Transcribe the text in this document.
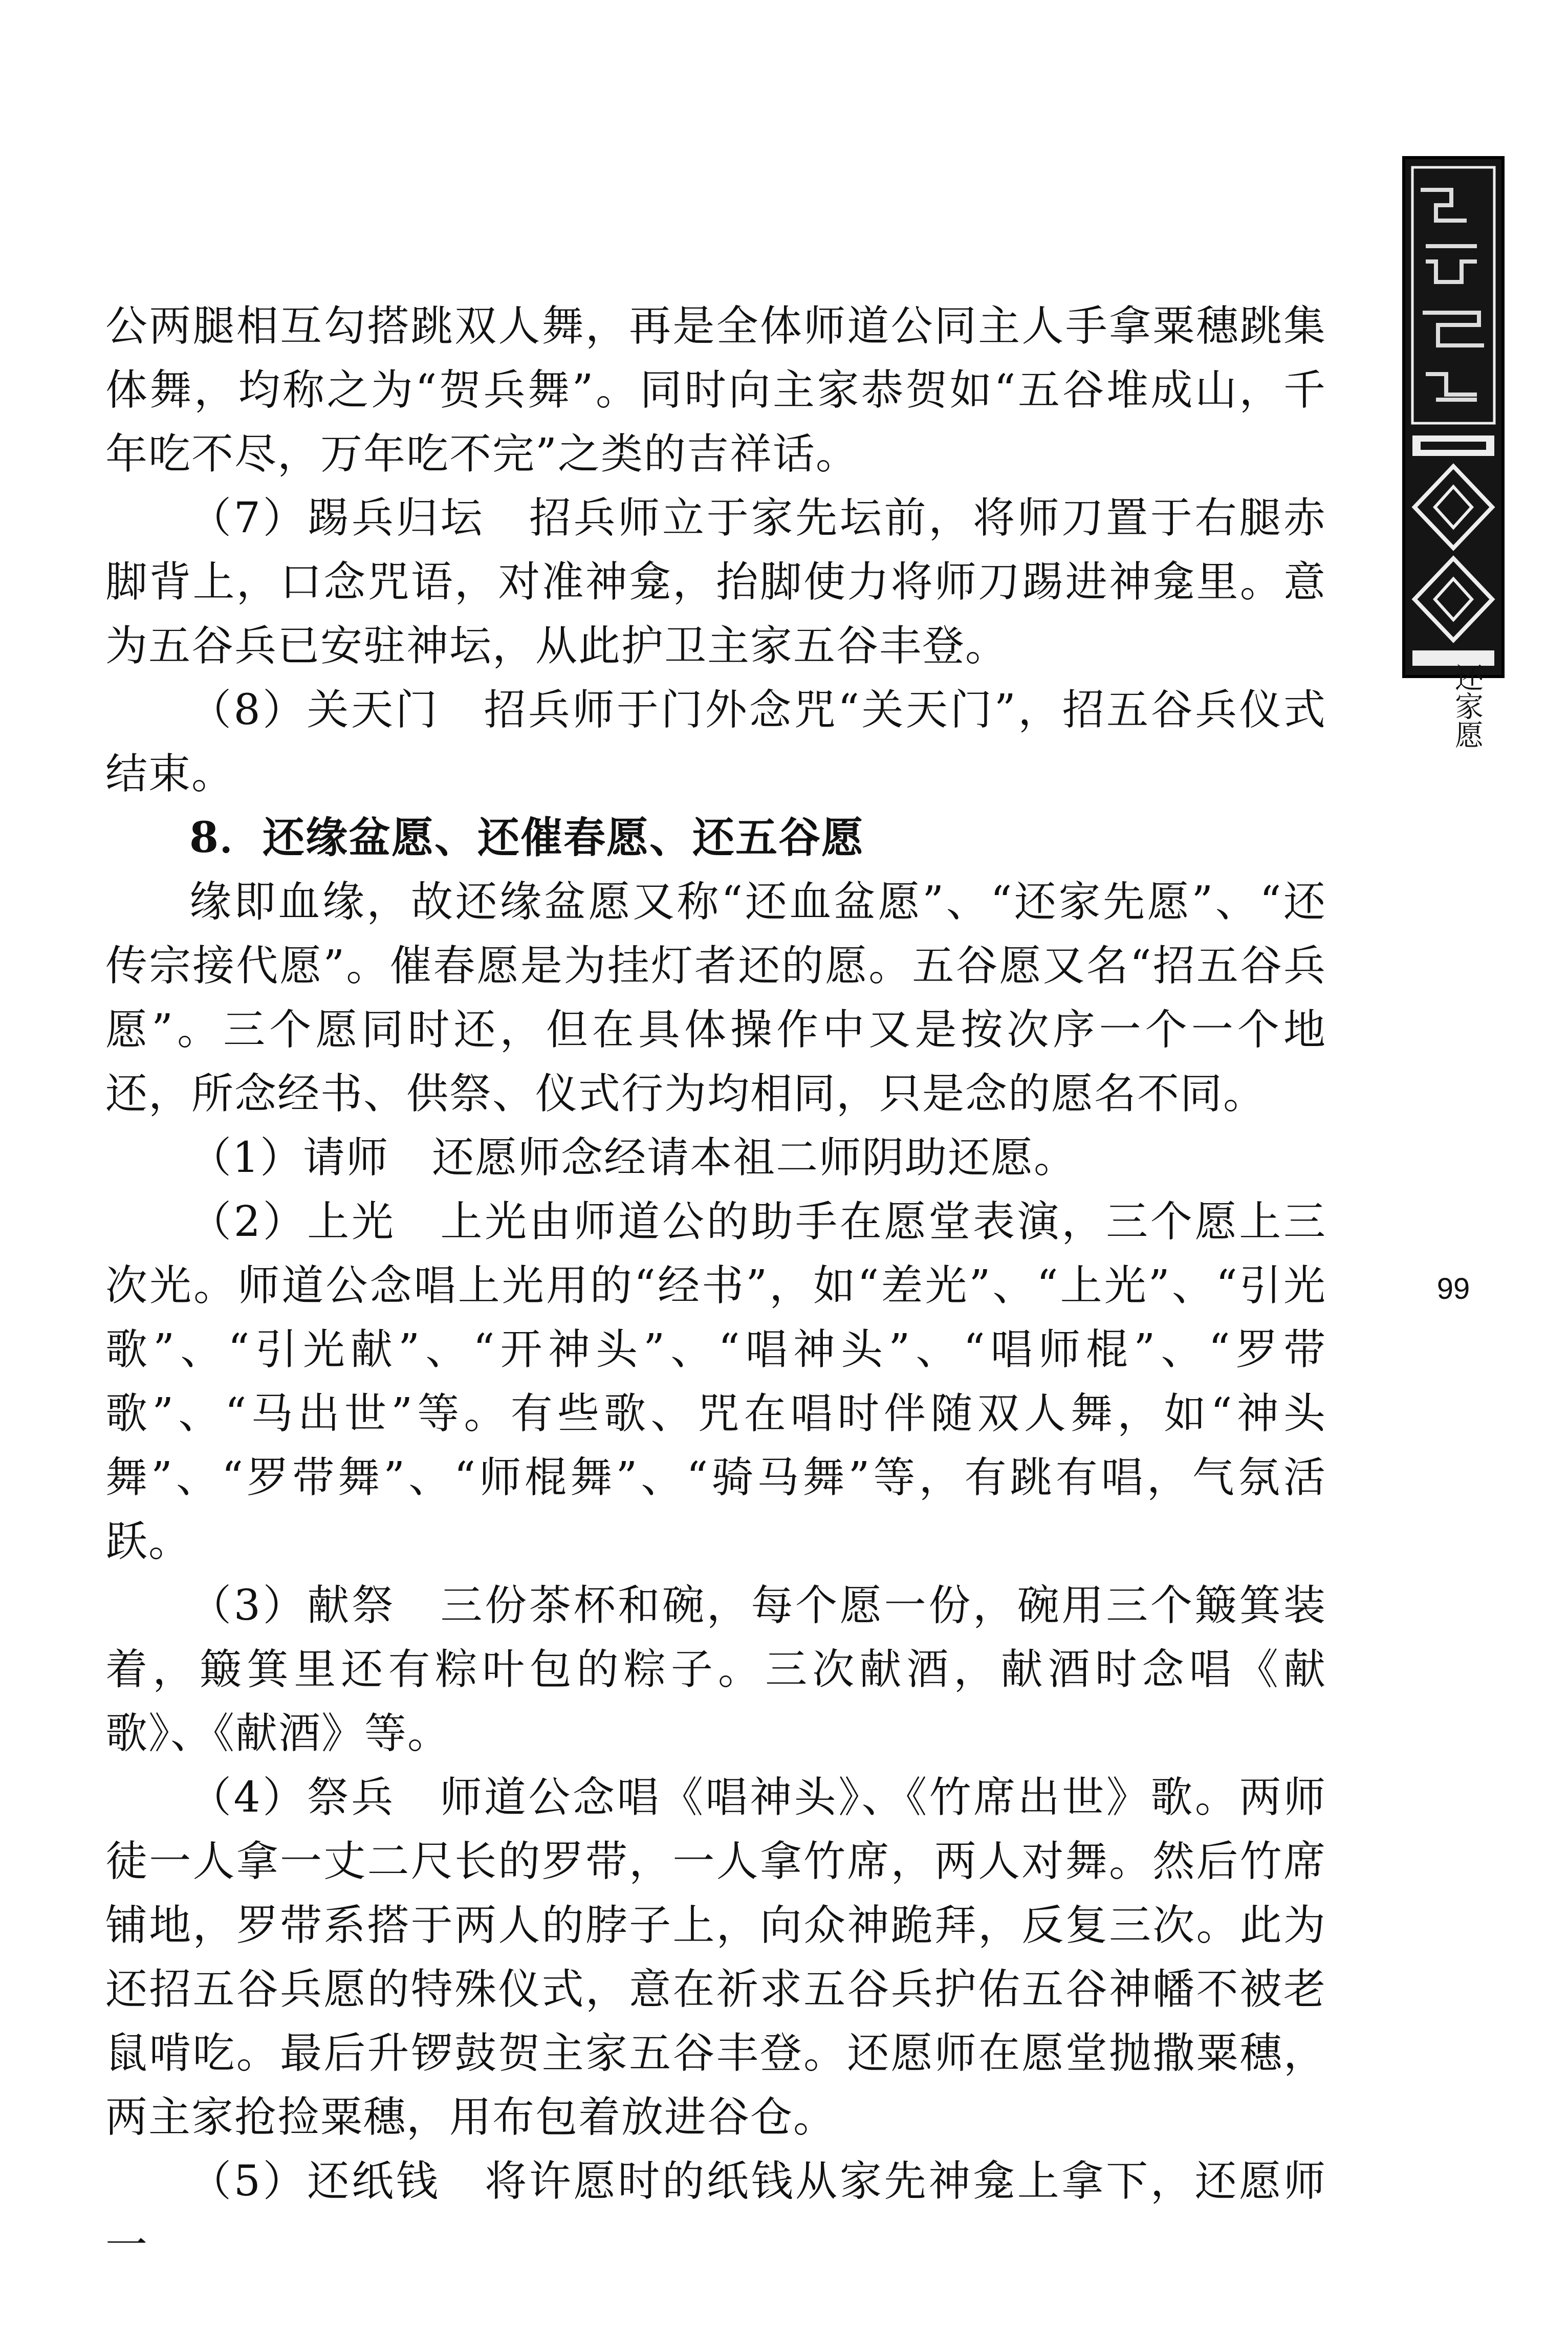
还家愿
99

公两腿相互勾搭跳双人舞，再是全体师道公同主人手拿粟穗跳集体舞，均称之为“贺兵舞”。同时向主家恭贺如“五谷堆成山，千年吃不尽，万年吃不完”之类的吉祥话。

（7）踢兵归坛　招兵师立于家先坛前，将师刀置于右腿赤脚背上，口念咒语，对准神龛，抬脚使力将师刀踢进神龛里。意为五谷兵已安驻神坛，从此护卫主家五谷丰登。

（8）关天门　招兵师于门外念咒“关天门”，招五谷兵仪式结束。

8．还缘盆愿、还催春愿、还五谷愿

缘即血缘，故还缘盆愿又称“还血盆愿”、“还家先愿”、“还传宗接代愿”。催春愿是为挂灯者还的愿。五谷愿又名“招五谷兵愿”。三个愿同时还，但在具体操作中又是按次序一个一个地还，所念经书、供祭、仪式行为均相同，只是念的愿名不同。

（1）请师　还愿师念经请本祖二师阴助还愿。

（2）上光　上光由师道公的助手在愿堂表演，三个愿上三次光。师道公念唱上光用的“经书”，如“差光”、“上光”、“引光歌”、“引光献”、“开神头”、“唱神头”、“唱师棍”、“罗带歌”、“马出世”等。有些歌、咒在唱时伴随双人舞，如“神头舞”、“罗带舞”、“师棍舞”、“骑马舞”等，有跳有唱，气氛活跃。

（3）献祭　三份茶杯和碗，每个愿一份，碗用三个簸箕装着，簸箕里还有粽叶包的粽子。三次献酒，献酒时念唱《献歌》、《献酒》等。

（4）祭兵　师道公念唱《唱神头》、《竹席出世》歌。两师徒一人拿一丈二尺长的罗带，一人拿竹席，两人对舞。然后竹席铺地，罗带系搭于两人的脖子上，向众神跪拜，反复三次。此为还招五谷兵愿的特殊仪式，意在祈求五谷兵护佑五谷神幡不被老鼠啃吃。最后升锣鼓贺主家五谷丰登。还愿师在愿堂抛撒粟穗，两主家抢捡粟穗，用布包着放进谷仓。

（5）还纸钱　将许愿时的纸钱从家先神龛上拿下，还愿师一
